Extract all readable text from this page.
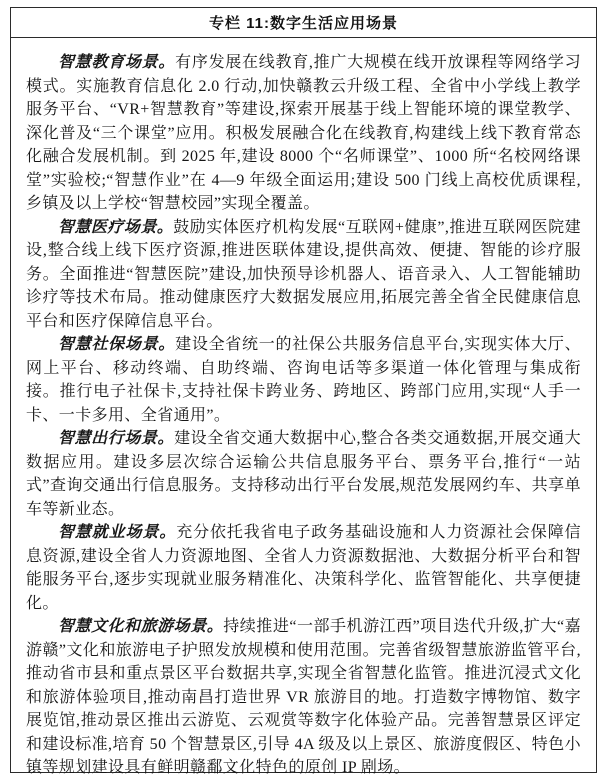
专栏 11:数字生活应用场景

智慧教育场景。有序发展在线教育,推广大规模在线开放课程等网络学习模式。实施教育信息化 2.0 行动,加快赣教云升级工程、全省中小学线上教学服务平台、“VR+智慧教育”等建设,探索开展基于线上智能环境的课堂教学、深化普及“三个课堂”应用。积极发展融合化在线教育,构建线上线下教育常态化融合发展机制。到 2025 年,建设 8000 个“名师课堂”、1000 所“名校网络课堂”实验校;“智慧作业”在 4—9 年级全面运用;建设 500 门线上高校优质课程,乡镇及以上学校“智慧校园”实现全覆盖。

智慧医疗场景。鼓励实体医疗机构发展“互联网+健康”,推进互联网医院建设,整合线上线下医疗资源,推进医联体建设,提供高效、便捷、智能的诊疗服务。全面推进“智慧医院”建设,加快预导诊机器人、语音录入、人工智能辅助诊疗等技术布局。推动健康医疗大数据发展应用,拓展完善全省全民健康信息平台和医疗保障信息平台。

智慧社保场景。建设全省统一的社保公共服务信息平台,实现实体大厅、网上平台、移动终端、自助终端、咨询电话等多渠道一体化管理与集成衔接。推行电子社保卡,支持社保卡跨业务、跨地区、跨部门应用,实现“人手一卡、一卡多用、全省通用”。

智慧出行场景。建设全省交通大数据中心,整合各类交通数据,开展交通大数据应用。建设多层次综合运输公共信息服务平台、票务平台,推行“一站式”查询交通出行信息服务。支持移动出行平台发展,规范发展网约车、共享单车等新业态。

智慧就业场景。充分依托我省电子政务基础设施和人力资源社会保障信息资源,建设全省人力资源地图、全省人力资源数据池、大数据分析平台和智能服务平台,逐步实现就业服务精准化、决策科学化、监管智能化、共享便捷化。

智慧文化和旅游场景。持续推进“一部手机游江西”项目迭代升级,扩大“嘉游赣”文化和旅游电子护照发放规模和使用范围。完善省级智慧旅游监管平台,推动省市县和重点景区平台数据共享,实现全省智慧化监管。推进沉浸式文化和旅游体验项目,推动南昌打造世界 VR 旅游目的地。打造数字博物馆、数字展览馆,推动景区推出云游览、云观赏等数字化体验产品。完善智慧景区评定和建设标准,培育 50 个智慧景区,引导 4A 级及以上景区、旅游度假区、特色小镇等规划建设具有鲜明赣鄱文化特色的原创 IP 剧场。
